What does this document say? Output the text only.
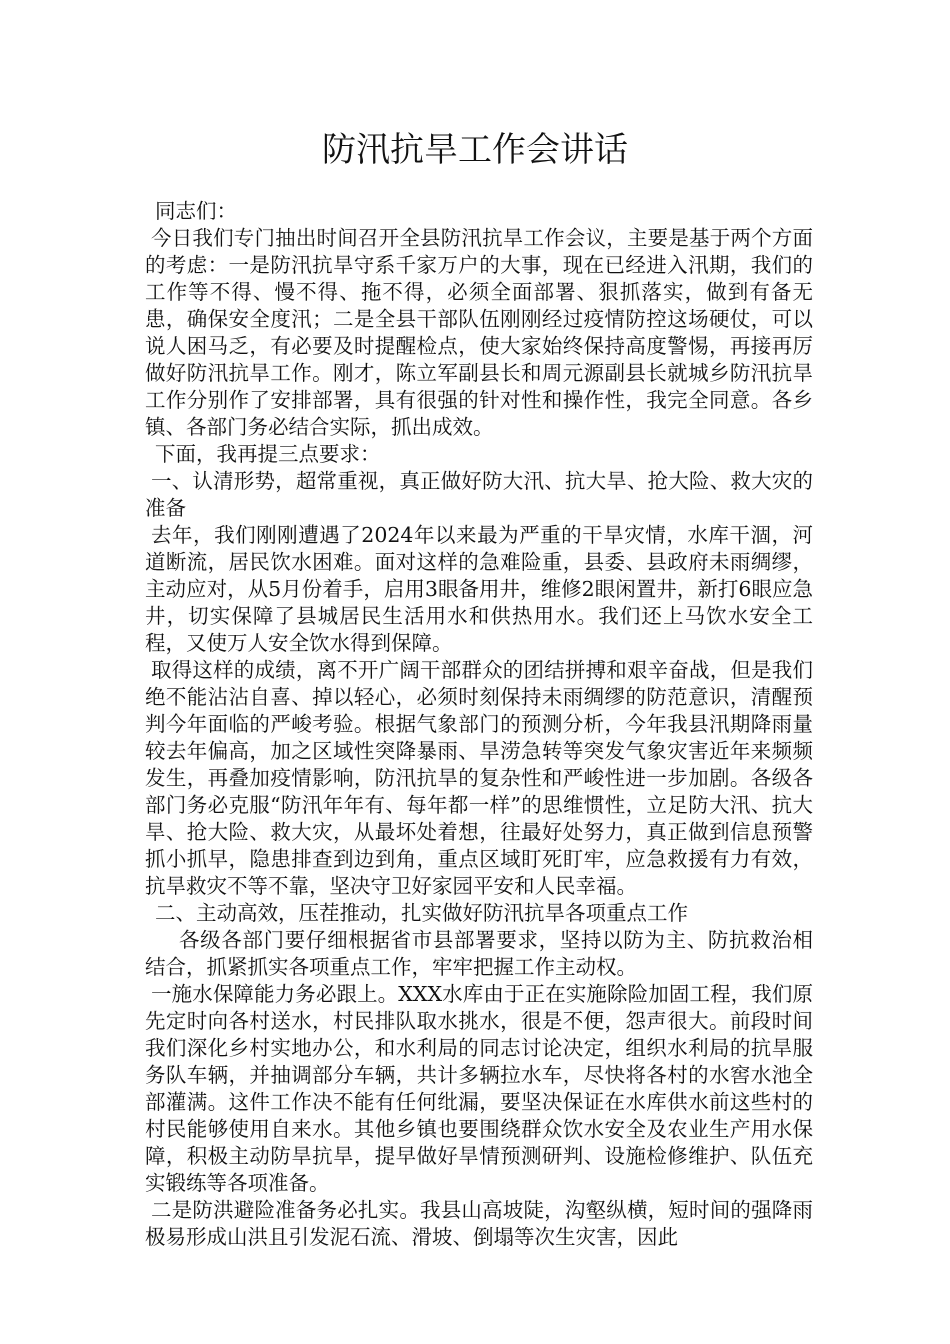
防汛抗旱工作会讲话

同志们：

今日我们专门抽出时间召开全县防汛抗旱工作会议，主要是基于两个方面的考虑：一是防汛抗旱守系千家万户的大事，现在已经进入汛期，我们的工作等不得、慢不得、拖不得，必须全面部署、狠抓落实，做到有备无患，确保安全度汛；二是全县干部队伍刚刚经过疫情防控这场硬仗，可以说人困马乏，有必要及时提醒检点，使大家始终保持高度警惕，再接再厉做好防汛抗旱工作。刚才，陈立军副县长和周元源副县长就城乡防汛抗旱工作分别作了安排部署，具有很强的针对性和操作性，我完全同意。各乡镇、各部门务必结合实际，抓出成效。

下面，我再提三点要求：

一、认清形势，超常重视，真正做好防大汛、抗大旱、抢大险、救大灾的准备

去年，我们刚刚遭遇了2024年以来最为严重的干旱灾情，水库干涸，河道断流，居民饮水困难。面对这样的急难险重，县委、县政府未雨绸缪，主动应对，从5月份着手，启用3眼备用井，维修2眼闲置井，新打6眼应急井，切实保障了县城居民生活用水和供热用水。我们还上马饮水安全工程，又使万人安全饮水得到保障。

取得这样的成绩，离不开广阔干部群众的团结拼搏和艰辛奋战，但是我们绝不能沾沾自喜、掉以轻心，必须时刻保持未雨绸缪的防范意识，清醒预判今年面临的严峻考验。根据气象部门的预测分析，今年我县汛期降雨量较去年偏高，加之区域性突降暴雨、旱涝急转等突发气象灾害近年来频频发生，再叠加疫情影响，防汛抗旱的复杂性和严峻性进一步加剧。各级各部门务必克服“防汛年年有、每年都一样”的思维惯性，立足防大汛、抗大旱、抢大险、救大灾，从最坏处着想，往最好处努力，真正做到信息预警抓小抓早，隐患排查到边到角，重点区域盯死盯牢，应急救援有力有效，抗旱救灾不等不靠，坚决守卫好家园平安和人民幸福。

二、主动高效，压茬推动，扎实做好防汛抗旱各项重点工作

各级各部门要仔细根据省市县部署要求，坚持以防为主、防抗救治相结合，抓紧抓实各项重点工作，牢牢把握工作主动权。

一施水保障能力务必跟上。XXX水库由于正在实施除险加固工程，我们原先定时向各村送水，村民排队取水挑水，很是不便，怨声很大。前段时间我们深化乡村实地办公，和水利局的同志讨论决定，组织水利局的抗旱服务队车辆，并抽调部分车辆，共计多辆拉水车，尽快将各村的水窖水池全部灌满。这件工作决不能有任何纰漏，要坚决保证在水库供水前这些村的村民能够使用自来水。其他乡镇也要围绕群众饮水安全及农业生产用水保障，积极主动防旱抗旱，提早做好旱情预测研判、设施检修维护、队伍充实锻练等各项准备。

二是防洪避险准备务必扎实。我县山高坡陡，沟壑纵横，短时间的强降雨极易形成山洪且引发泥石流、滑坡、倒塌等次生灾害，因此
